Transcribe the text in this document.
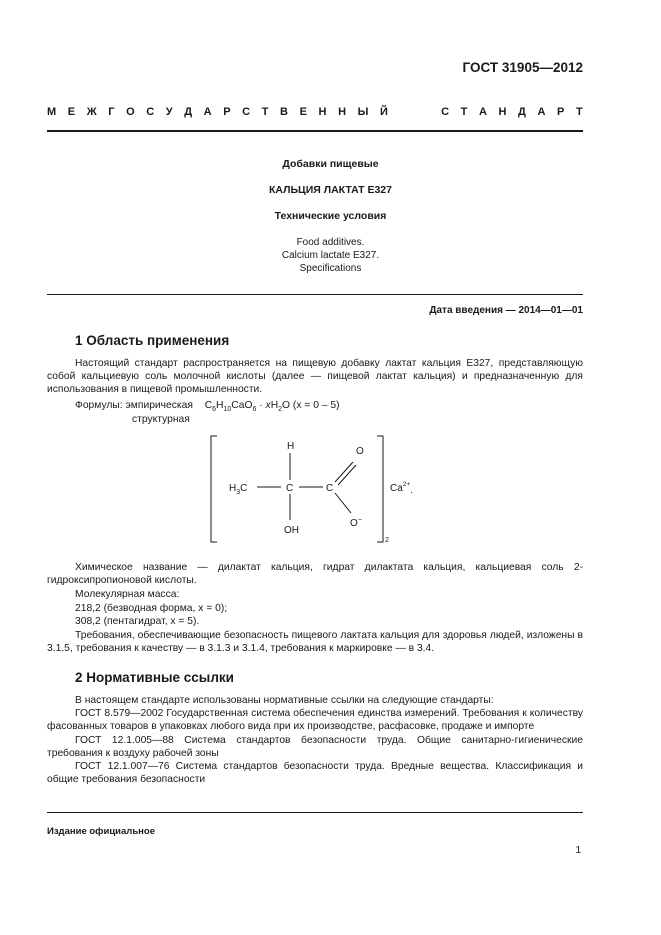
ГОСТ 31905—2012
М Е Ж Г О С У Д А Р С Т В Е Н Н Ы Й	С Т А Н Д А Р Т
Добавки пищевые
КАЛЬЦИЯ ЛАКТАТ Е327
Технические условия
Food additives.
Calcium lactate E327.
Specifications
Дата введения — 2014—01—01
1 Область применения

Настоящий стандарт распространяется на пищевую добавку лактат кальция Е327, представляющую собой кальциевую соль молочной кислоты (далее — пищевой лактат кальция) и предназначенную для использования в пищевой промышленности.

Формулы: эмпирическая $C_6H_{10}CaO_6 \cdot xH_2O$ (x = 0 – 5)
структурная
H
$H_3C$	C	C
O
O−
OH
$Ca^{2+}$.
2

Химическое название — дилактат кальция, гидрат дилактата кальция, кальциевая соль 2-гидроксипропионовой кислоты.

Молекулярная масса:
218,2 (безводная форма, x = 0);
308,2 (пентагидрат, x = 5).

Требования, обеспечивающие безопасность пищевого лактата кальция для здоровья людей, изложены в 3.1.5, требования к качеству — в 3.1.3 и 3.1.4, требования к маркировке — в 3.4.

2 Нормативные ссылки

В настоящем стандарте использованы нормативные ссылки на следующие стандарты:

ГОСТ 8.579—2002 Государственная система обеспечения единства измерений. Требования к количеству фасованных товаров в упаковках любого вида при их производстве, расфасовке, продаже и импорте

ГОСТ 12.1.005—88 Система стандартов безопасности труда. Общие санитарно-гигиенические требования к воздуху рабочей зоны

ГОСТ 12.1.007—76 Система стандартов безопасности труда. Вредные вещества. Классификация и общие требования безопасности

Издание официальное
1
